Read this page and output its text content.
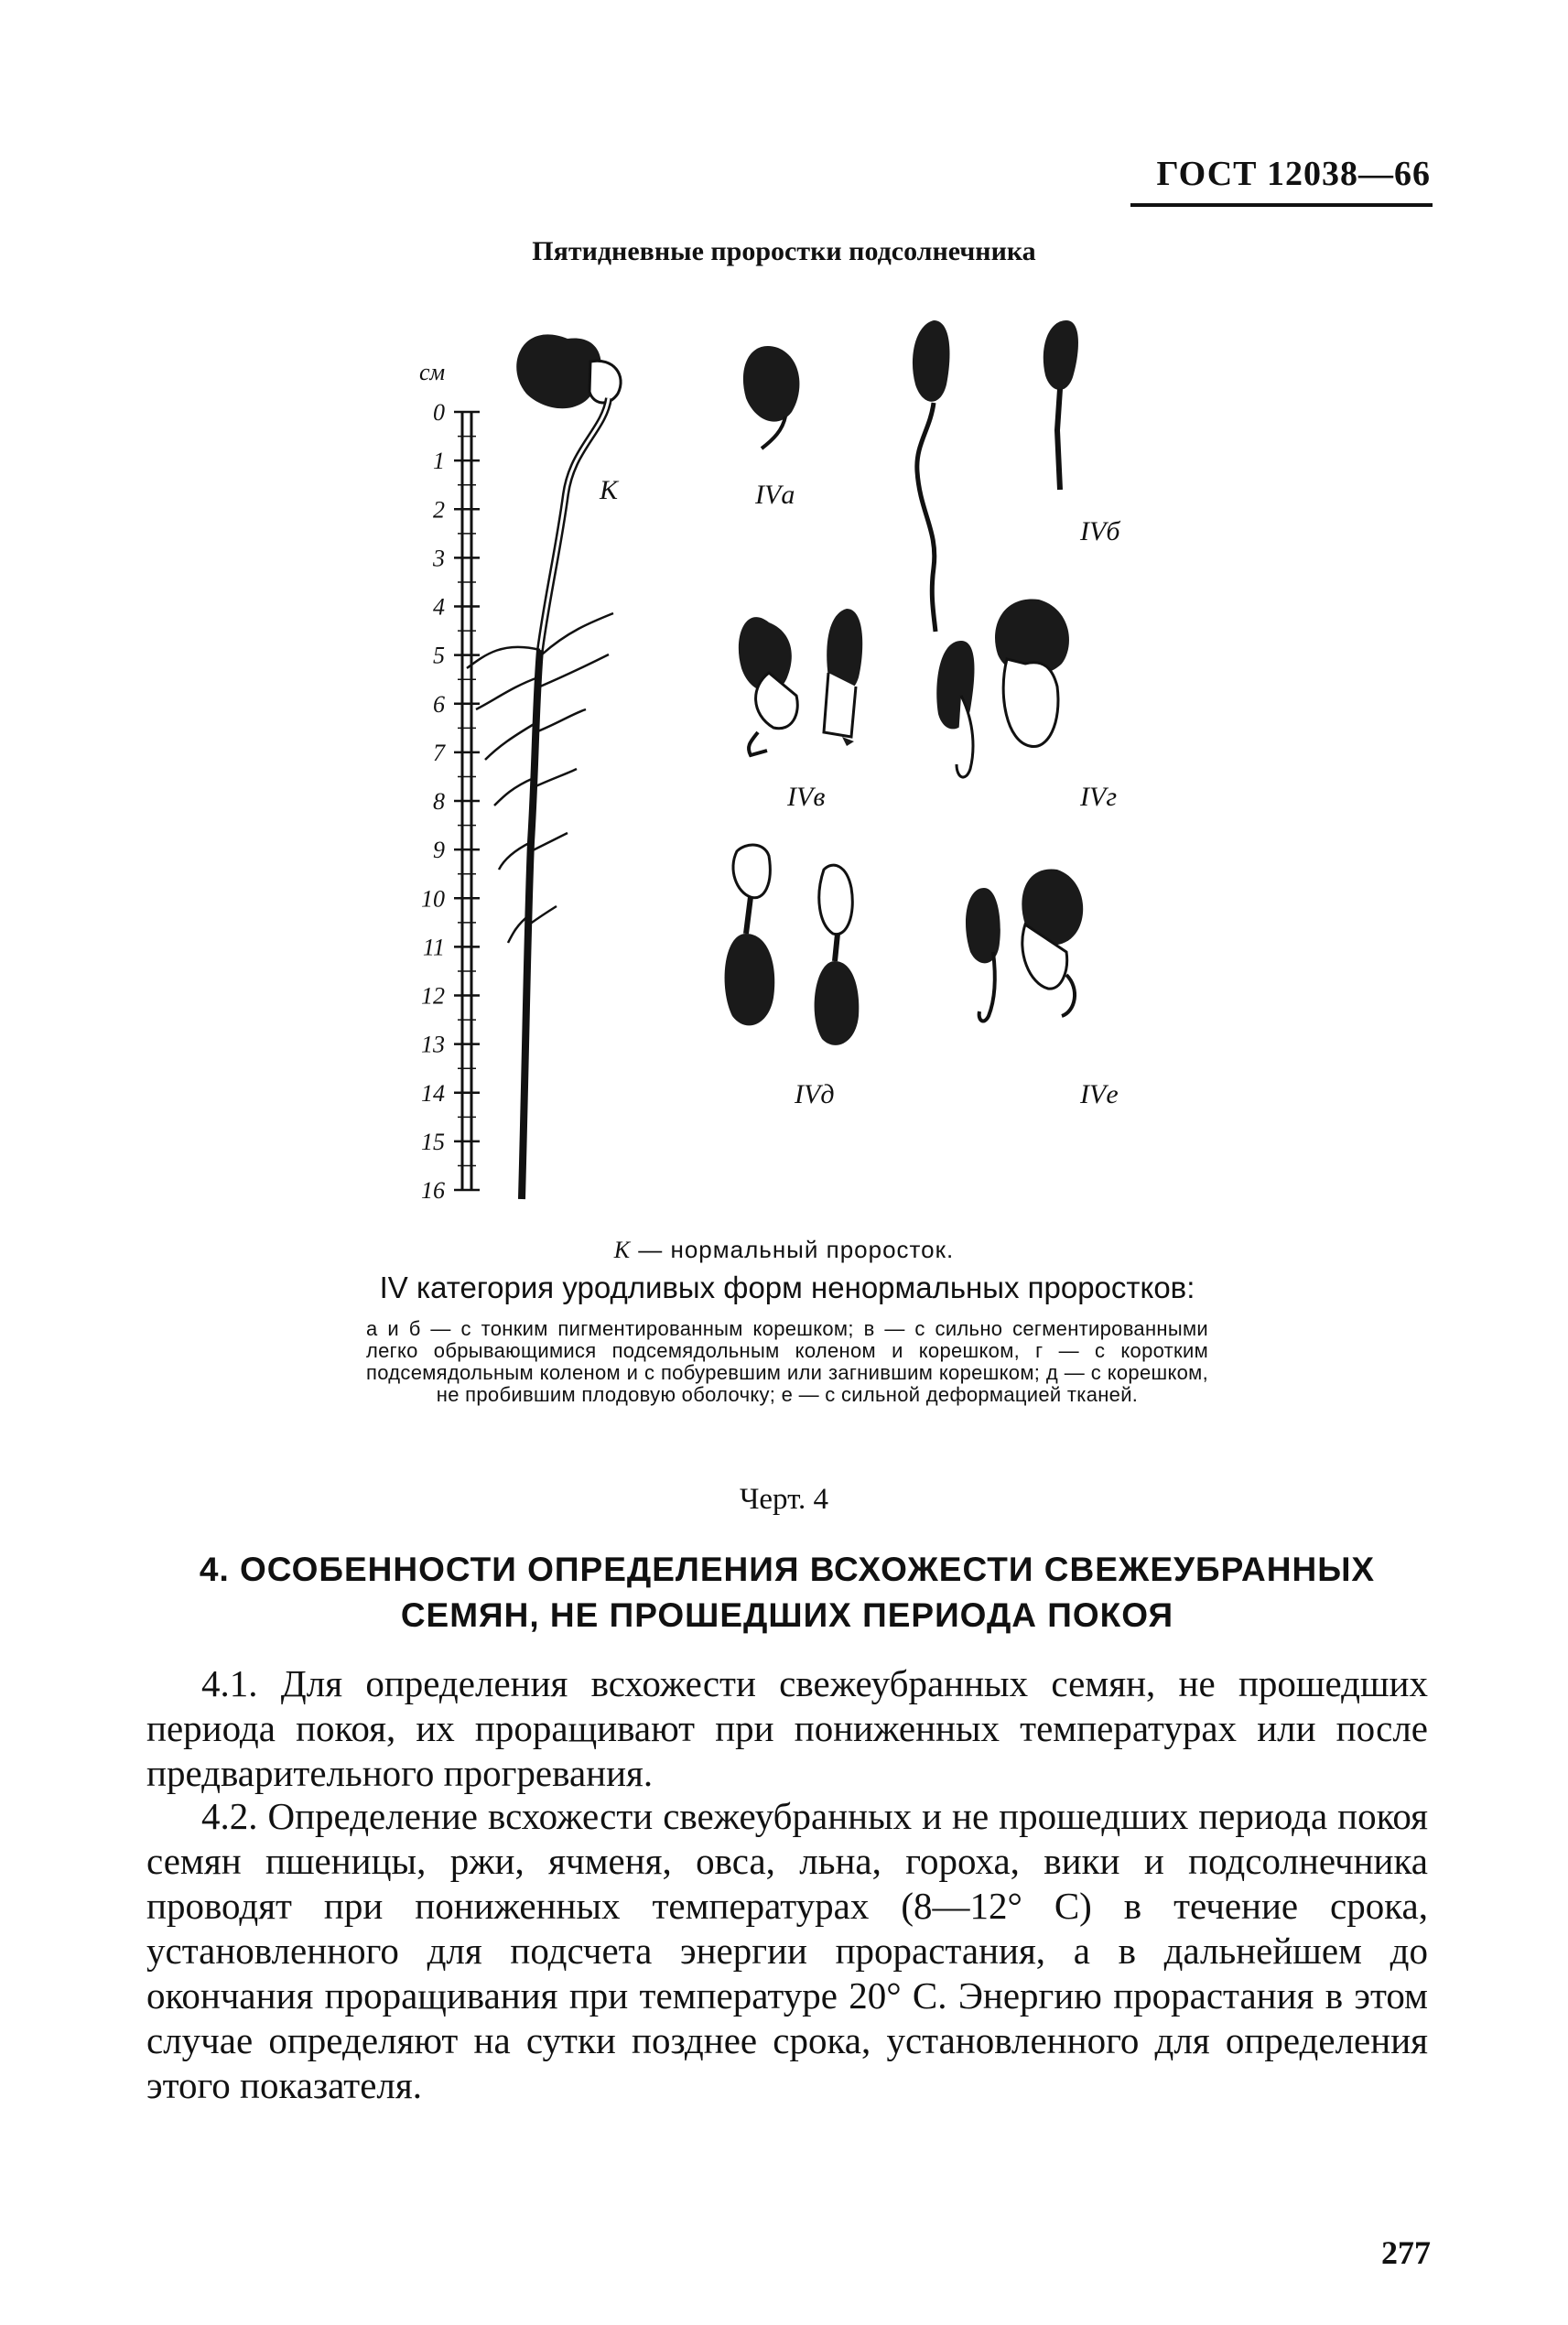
ГОСТ 12038—66
Пятидневные проростки подсолнечника
см
0
1
2
3
4
5
6
7
8
9
10
11
12
13
14
15
16
К	IVа
IVб
IVв	IVг
IVд	IVе
К — нормальный проросток.
IV категория уродливых форм ненормальных проростков:
а и б — с тонким пигментированным корешком; в — с сильно сегментированными легко обрывающимися подсемядольным коленом и корешком, г — с коротким подсемядольным коленом и с побуревшим или загнившим корешком; д — с корешком, не пробившим плодовую оболочку; е — с сильной деформацией тканей.
Черт. 4
4. ОСОБЕННОСТИ ОПРЕДЕЛЕНИЯ ВСХОЖЕСТИ СВЕЖЕУБРАННЫХ
СЕМЯН, НЕ ПРОШЕДШИХ ПЕРИОДА ПОКОЯ
4.1. Для определения всхожести свежеубранных семян, не прошедших периода покоя, их проращивают при пониженных температурах или после предварительного прогревания.
4.2. Определение всхожести свежеубранных и не прошедших периода покоя семян пшеницы, ржи, ячменя, овса, льна, гороха, вики и подсолнечника проводят при пониженных температурах (8—12° С) в течение срока, установленного для подсчета энергии прорастания, а в дальнейшем до окончания проращивания при температуре 20° С. Энергию прорастания в этом случае определяют на сутки позднее срока, установленного для определения этого показателя.
277
